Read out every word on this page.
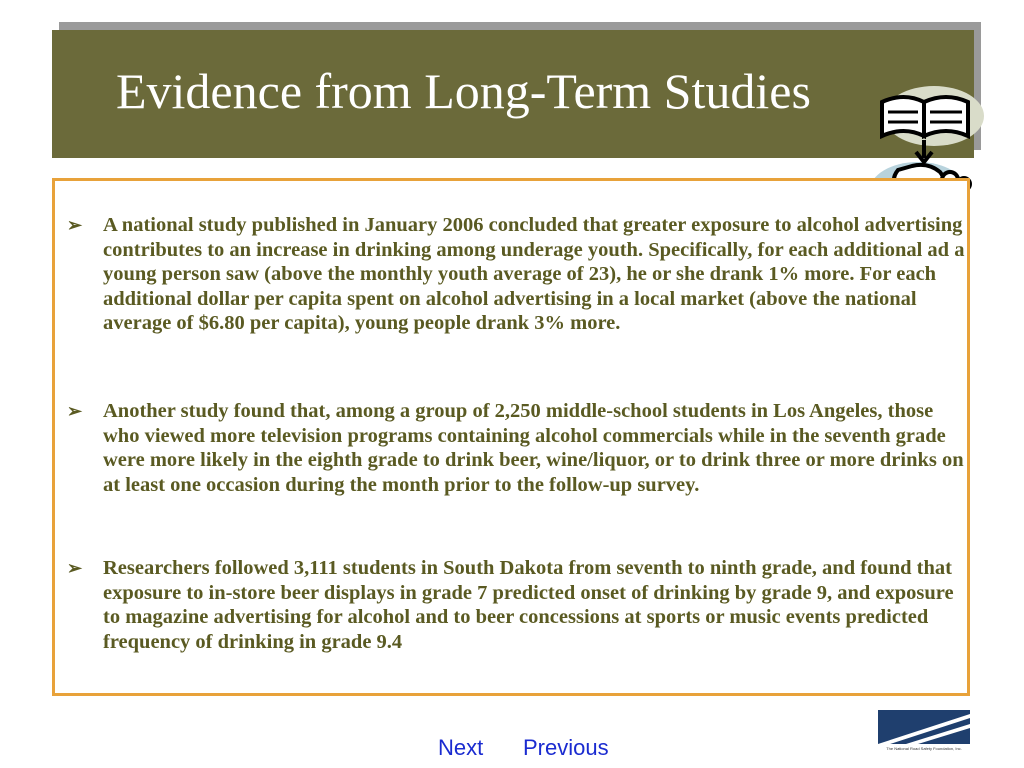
Evidence from Long-Term Studies
➢	A national study published in January 2006 concluded that greater exposure to alcohol advertising contributes to an increase in drinking among underage youth. Specifically, for each additional ad a young person saw (above the monthly youth average of 23), he or she drank 1% more. For each additional dollar per capita spent on alcohol advertising in a local market (above the national average of $6.80 per capita), young people drank 3% more.
➢	Another study found that, among a group of 2,250 middle-school students in Los Angeles, those who viewed more television programs containing alcohol commercials while in the seventh grade were more likely in the eighth grade to drink beer, wine/liquor, or to drink three or more drinks on at least one occasion during the month prior to the follow-up survey.
➢	Researchers followed 3,111 students in South Dakota from seventh to ninth grade, and found that exposure to in-store beer displays in grade 7 predicted onset of drinking by grade 9, and exposure to magazine advertising for alcohol and to beer concessions at sports or music events predicted frequency of drinking in grade 9.4
Next Previous	The National Road Safety Foundation, Inc.
